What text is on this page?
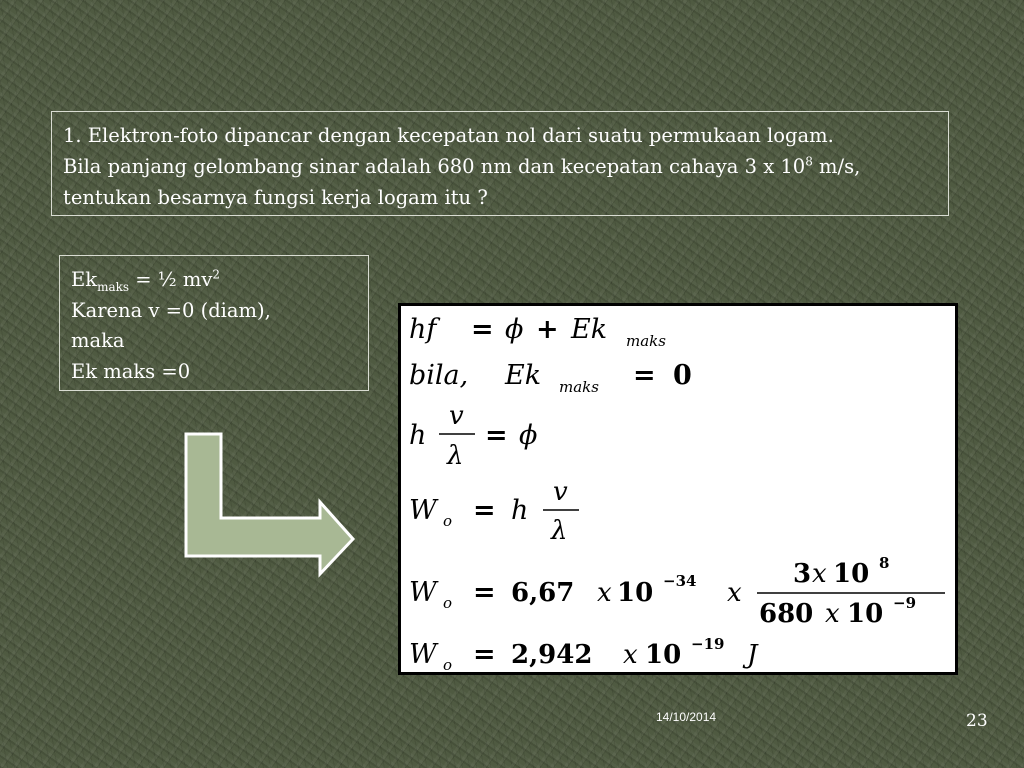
1. Elektron-foto dipancar dengan kecepatan nol dari suatu permukaan logam.
Bila panjang gelombang sinar adalah 680 nm dan kecepatan cahaya 3 x $10^8$ m/s,
tentukan besarnya fungsi kerja logam itu ?
$Ek_{maks}$ = ½ $mv^2$
Karena v =0 (diam),
maka
Ek maks =0
hf = ϕ + Ek maks
bila, Ek maks = 0
h
v
λ
= ϕ
W o = h
v
λ
W o = 6,67 x 10 −34 x
3 x 10 8
680 x 10 −9
W o = 2,942 x 10 −19 J
14/10/2014	23
